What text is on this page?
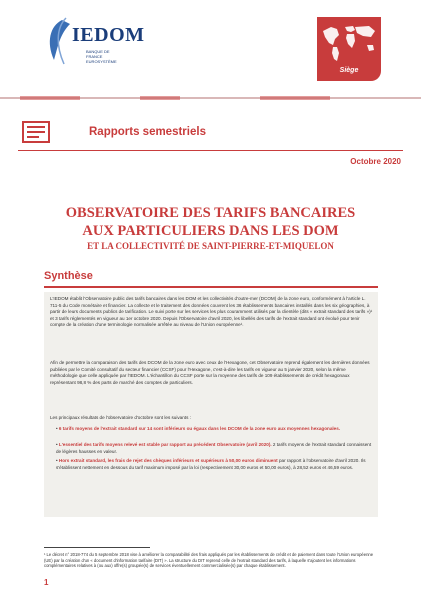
IEDOM
BANQUE DE FRANCE EUROSYSTÈME
Siège
Rapports semestriels
Octobre 2020
OBSERVATOIRE DES TARIFS BANCAIRES
AUX PARTICULIERS DANS LES DOM
ET LA COLLECTIVITÉ DE SAINT-PIERRE-ET-MIQUELON
Synthèse
L'IEDOM établit l'Observatoire public des tarifs bancaires dans les DOM et les collectivités d'outre-mer (DCOM) de la zone euro, conformément à l'article L. 711-5 du Code monétaire et financier. La collecte et le traitement des données couvrent les 36 établissements bancaires installés dans les six géographies, à partir de leurs documents publics de tarification. Le suivi porte sur les services les plus couramment utilisés par la clientèle (dits « extrait standard des tarifs »)¹ et 3 tarifs réglementés en vigueur au 1er octobre 2020. Depuis l'Observatoire d'avril 2020, les libellés des tarifs de l'extrait standard ont évolué pour tenir compte de la création d'une terminologie normalisée arrêtée au niveau de l'Union européenne¹.
Afin de permettre la comparaison des tarifs des DCOM de la zone euro avec ceux de l'Hexagone, cet Observatoire reprend également les dernières données publiées par le Comité consultatif du secteur financier (CCSF) pour l'Hexagone, c'est-à-dire les tarifs en vigueur au 5 janvier 2020, selon la même méthodologie que celle appliquée par l'IEDOM. L'échantillon du CCSF porte sur la moyenne des tarifs de 109 établissements de crédit hexagonaux représentant 98,8 % des parts de marché des comptes de particuliers.
Les principaux résultats de l'observatoire d'octobre sont les suivants :
• 6 tarifs moyens de l'extrait standard sur 14 sont inférieurs ou égaux dans les DCOM de la zone euro aux moyennes hexagonales.
• L'essentiel des tarifs moyens relevé est stable par rapport au précédent Observatoire (avril 2020). 2 tarifs moyens de l'extrait standard connaissent de légères hausses en valeur.
• Hors extrait standard, les frais de rejet des chèques inférieurs et supérieurs à 50,00 euros diminuent par rapport à l'observatoire d'avril 2020. Ils s'établissent nettement en dessous du tarif maximum imposé par la loi (respectivement 30,00 euros et 50,00 euros), à 28,52 euros et 46,59 euros.
¹ Le décret n° 2018-774 du 5 septembre 2018 vise à améliorer la comparabilité des frais appliqués par les établissements de crédit et de paiement dans toute l'Union européenne (UE) par la création d'un « document d'information tarifaire (DIT) ». La structure du DIT reprend celle de l'extrait standard des tarifs, à laquelle s'ajoutent les informations complémentaires relatives à (ou aux) offre(s) groupée(s) de services éventuellement commercialisée(s) par chaque établissement.
1
